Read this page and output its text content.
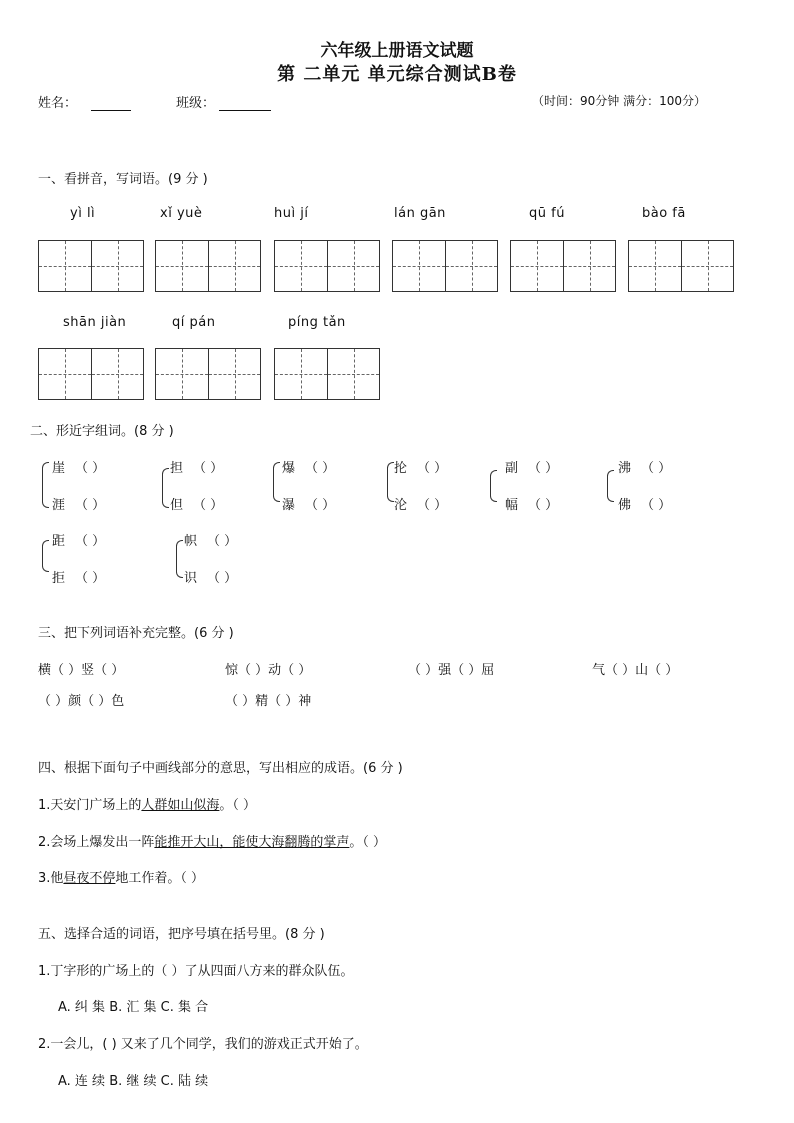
六年级上册语文试题
第 二单元 单元综合测试B卷
姓名：	班级：	（时间：90分钟 满分：100分）
一、看拼音，写词语。(9 分 )
yì lì	xǐ yuè	huì jí	lán gān	qū fú	bào fā
shān jiàn	qí pán	píng tǎn
二、形近字组词。(8 分 )
崖 （ ）
涯 （ ）
担 （ ）
但 （ ）
爆 （ ）
瀑 （ ）
抡 （ ）
沦 （ ）
副 （ ）
幅 （ ）
沸 （ ）
佛 （ ）
距 （ ）
拒 （ ）
帜 （ ）
识 （ ）
三、把下列词语补充完整。(6 分 )
横（ ）竖（ ）	惊（ ）动（ ）	（ ）强（ ）屈	气（ ）山（ ）
（ ）颜（ ）色	（ ）精（ ）神
四、根据下面句子中画线部分的意思，写出相应的成语。(6 分 )
1.天安门广场上的人群如山似海。（ ）
2.会场上爆发出一阵能推开大山，能使大海翻腾的掌声。（ ）
3.他昼夜不停地工作着。（ ）
五、选择合适的词语，把序号填在括号里。(8 分 )
1.丁字形的广场上的（ ）了从四面八方来的群众队伍。
A. 纠 集 B. 汇 集 C. 集 合
2.一会儿，( ) 又来了几个同学，我们的游戏正式开始了。
A. 连 续 B. 继 续 C. 陆 续
